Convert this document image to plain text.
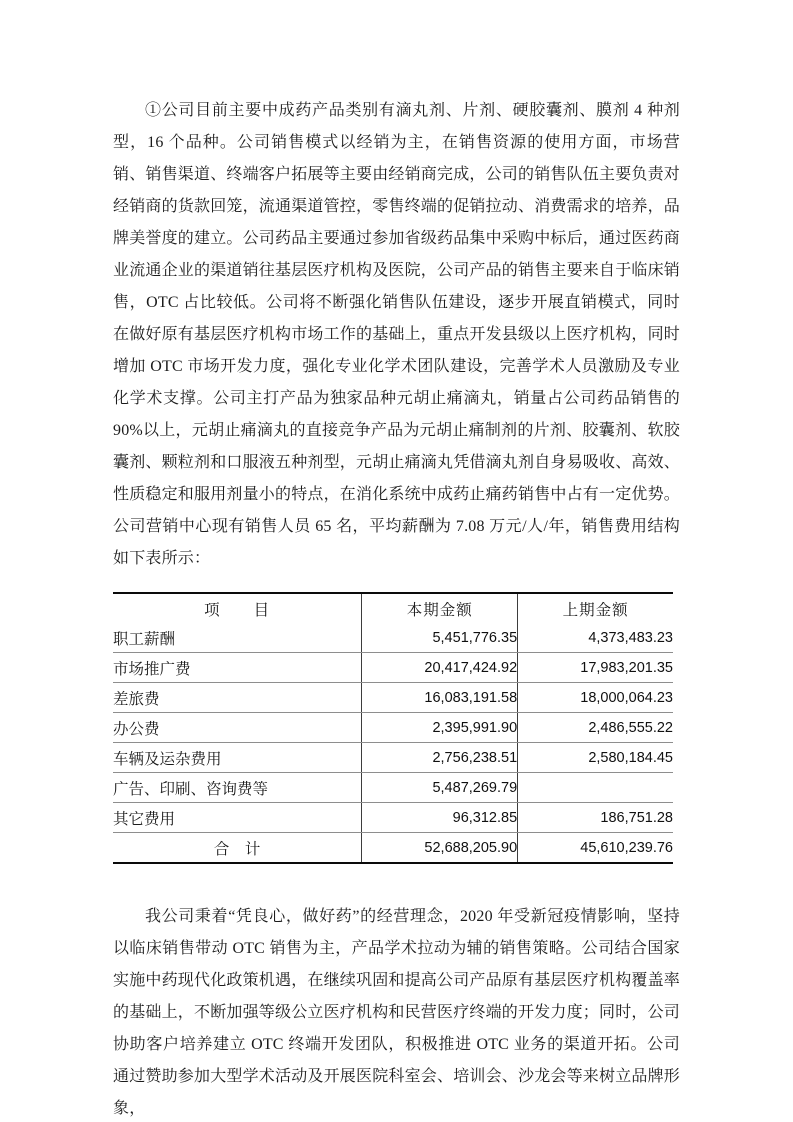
①公司目前主要中成药产品类别有滴丸剂、片剂、硬胶囊剂、膜剂 4 种剂型，16 个品种。公司销售模式以经销为主，在销售资源的使用方面，市场营销、销售渠道、终端客户拓展等主要由经销商完成，公司的销售队伍主要负责对经销商的货款回笼，流通渠道管控，零售终端的促销拉动、消费需求的培养，品牌美誉度的建立。公司药品主要通过参加省级药品集中采购中标后，通过医药商业流通企业的渠道销往基层医疗机构及医院，公司产品的销售主要来自于临床销售，OTC 占比较低。公司将不断强化销售队伍建设，逐步开展直销模式，同时在做好原有基层医疗机构市场工作的基础上，重点开发县级以上医疗机构，同时增加 OTC 市场开发力度，强化专业化学术团队建设，完善学术人员激励及专业化学术支撑。公司主打产品为独家品种元胡止痛滴丸，销量占公司药品销售的 90%以上，元胡止痛滴丸的直接竞争产品为元胡止痛制剂的片剂、胶囊剂、软胶囊剂、颗粒剂和口服液五种剂型，元胡止痛滴丸凭借滴丸剂自身易吸收、高效、性质稳定和服用剂量小的特点，在消化系统中成药止痛药销售中占有一定优势。公司营销中心现有销售人员 65 名，平均薪酬为 7.08 万元/人/年，销售费用结构如下表所示：

项　　目	本期金额	上期金额
职工薪酬	5,451,776.35	4,373,483.23
市场推广费	20,417,424.92	17,983,201.35
差旅费	16,083,191.58	18,000,064.23
办公费	2,395,991.90	2,486,555.22
车辆及运杂费用	2,756,238.51	2,580,184.45
广告、印刷、咨询费等	5,487,269.79	
其它费用	96,312.85	186,751.28
合　计	52,688,205.90	45,610,239.76

我公司秉着“凭良心，做好药”的经营理念，2020 年受新冠疫情影响，坚持以临床销售带动 OTC 销售为主，产品学术拉动为辅的销售策略。公司结合国家实施中药现代化政策机遇，在继续巩固和提高公司产品原有基层医疗机构覆盖率的基础上，不断加强等级公立医疗机构和民营医疗终端的开发力度；同时，公司协助客户培养建立 OTC 终端开发团队，积极推进 OTC 业务的渠道开拓。公司通过赞助参加大型学术活动及开展医院科室会、培训会、沙龙会等来树立品牌形象，
